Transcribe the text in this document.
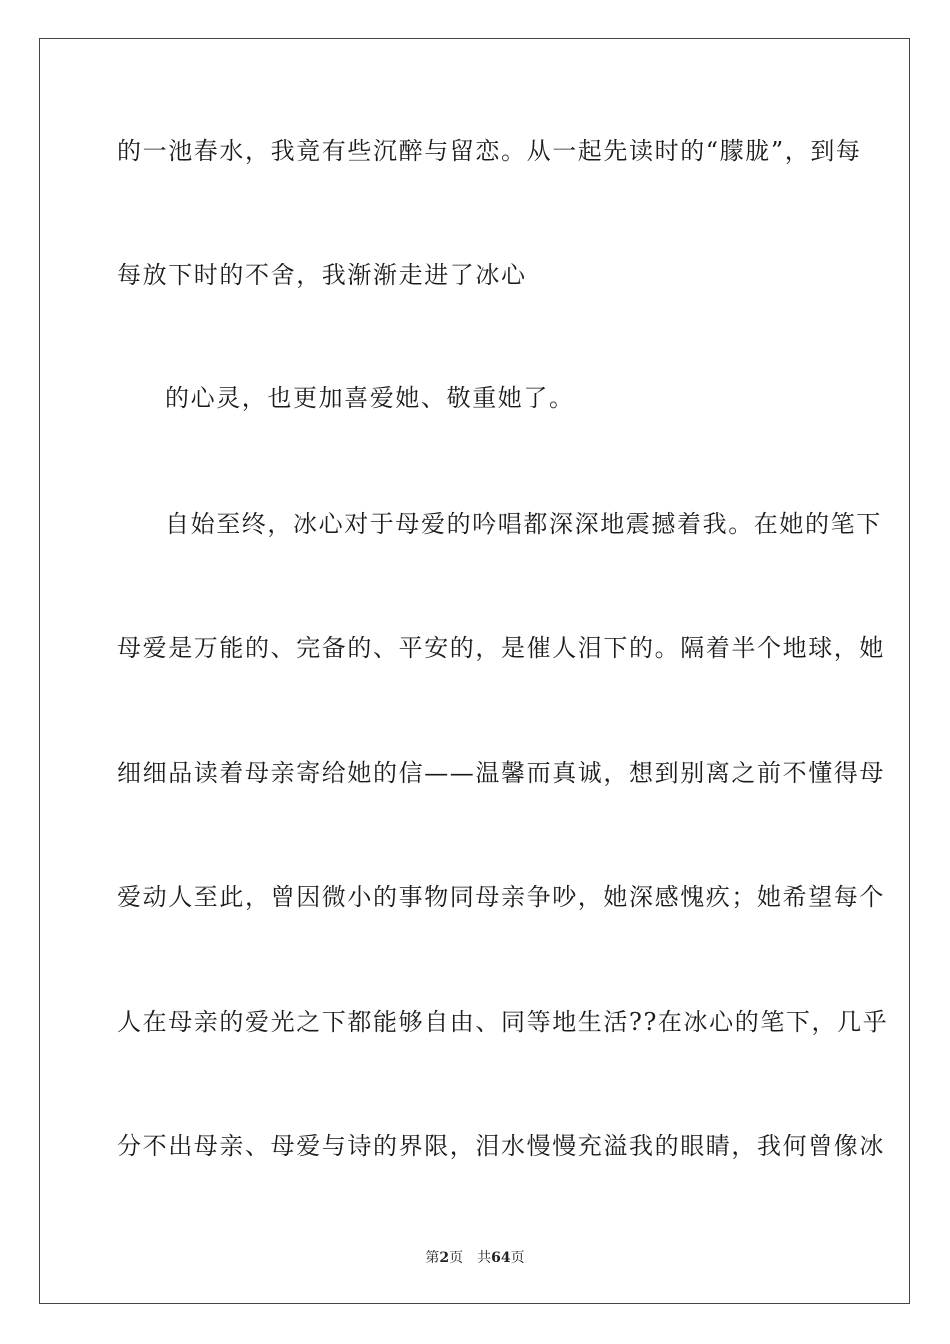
的一池春水，我竟有些沉醉与留恋。从一起先读时的“朦胧”，到每

每放下时的不舍，我渐渐走进了冰心

的心灵，也更加喜爱她、敬重她了。

自始至终，冰心对于母爱的吟唱都深深地震撼着我。在她的笔下

母爱是万能的、完备的、平安的，是催人泪下的。隔着半个地球，她

细细品读着母亲寄给她的信——温馨而真诚，想到别离之前不懂得母

爱动人至此，曾因微小的事物同母亲争吵，她深感愧疚；她希望每个

人在母亲的爱光之下都能够自由、同等地生活??在冰心的笔下，几乎

分不出母亲、母爱与诗的界限，泪水慢慢充溢我的眼睛，我何曾像冰

第2页 共64页
